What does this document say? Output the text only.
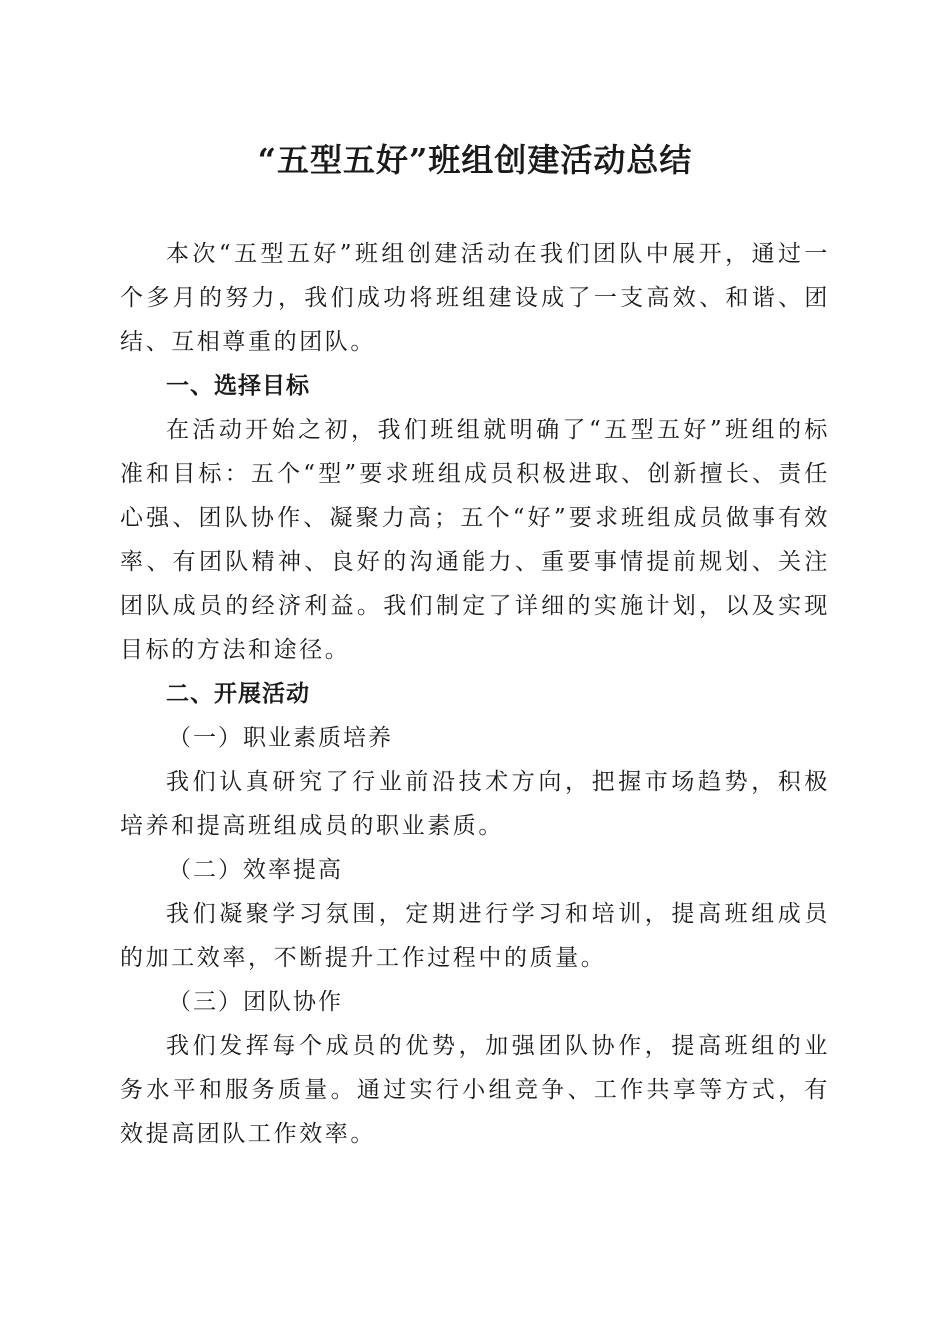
“五型五好”班组创建活动总结

本次“五型五好”班组创建活动在我们团队中展开，通过一个多月的努力，我们成功将班组建设成了一支高效、和谐、团结、互相尊重的团队。

一、选择目标

在活动开始之初，我们班组就明确了“五型五好”班组的标准和目标：五个“型”要求班组成员积极进取、创新擅长、责任心强、团队协作、凝聚力高；五个“好”要求班组成员做事有效率、有团队精神、良好的沟通能力、重要事情提前规划、关注团队成员的经济利益。我们制定了详细的实施计划，以及实现目标的方法和途径。

二、开展活动

（一）职业素质培养

我们认真研究了行业前沿技术方向，把握市场趋势，积极培养和提高班组成员的职业素质。

（二）效率提高

我们凝聚学习氛围，定期进行学习和培训，提高班组成员的加工效率，不断提升工作过程中的质量。

（三）团队协作

我们发挥每个成员的优势，加强团队协作，提高班组的业务水平和服务质量。通过实行小组竞争、工作共享等方式，有效提高团队工作效率。
